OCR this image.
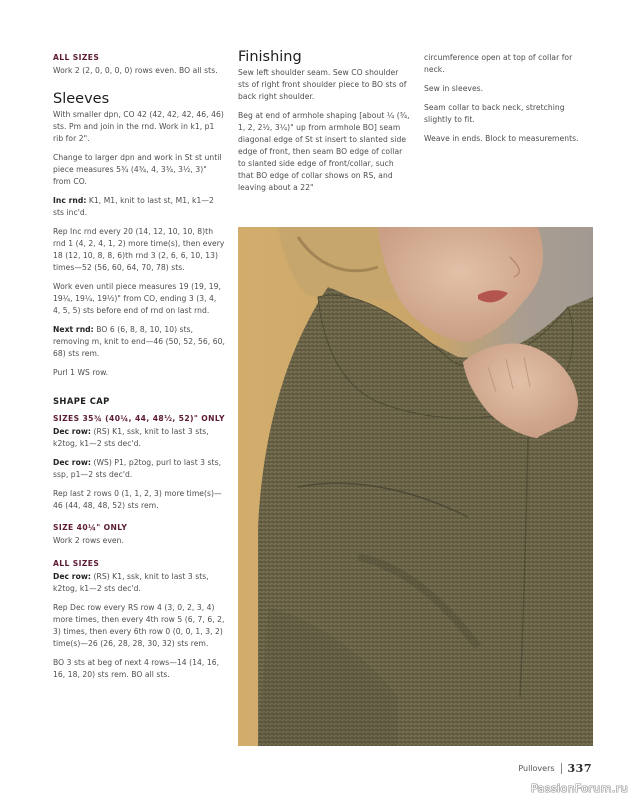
ALL SIZES

Work 2 (2, 0, 0, 0, 0) rows even. BO all sts.

Sleeves

With smaller dpn, CO 42 (42, 42, 42, 46, 46) sts. Pm and join in the rnd. Work in k1, p1 rib for 2".

Change to larger dpn and work in St st until piece measures 5¾ (4¾, 4, 3¾, 3½, 3)" from CO.

Inc rnd: K1, M1, knit to last st, M1, k1—2 sts inc'd.

Rep Inc rnd every 20 (14, 12, 10, 10, 8)th rnd 1 (4, 2, 4, 1, 2) more time(s), then every 18 (12, 10, 8, 8, 6)th rnd 3 (2, 6, 6, 10, 13) times—52 (56, 60, 64, 70, 78) sts.

Work even until piece measures 19 (19, 19, 19¼, 19¼, 19½)" from CO, ending 3 (3, 4, 4, 5, 5) sts before end of rnd on last rnd.

Next rnd: BO 6 (6, 8, 8, 10, 10) sts, removing m, knit to end—46 (50, 52, 56, 60, 68) sts rem.

Purl 1 WS row.

SHAPE CAP
SIZES 35¾ (40¼, 44, 48½, 52)" ONLY

Dec row: (RS) K1, ssk, knit to last 3 sts, k2tog, k1—2 sts dec'd.

Dec row: (WS) P1, p2tog, purl to last 3 sts, ssp, p1—2 sts dec'd.

Rep last 2 rows 0 (1, 1, 2, 3) more time(s)—46 (44, 48, 48, 52) sts rem.

SIZE 40¼" ONLY

Work 2 rows even.

ALL SIZES

Dec row: (RS) K1, ssk, knit to last 3 sts, k2tog, k1—2 sts dec'd.

Rep Dec row every RS row 4 (3, 0, 2, 3, 4) more times, then every 4th row 5 (6, 7, 6, 2, 3) times, then every 6th row 0 (0, 0, 1, 3, 2) time(s)—26 (26, 28, 28, 30, 32) sts rem.

BO 3 sts at beg of next 4 rows—14 (14, 16, 16, 18, 20) sts rem. BO all sts.

Finishing

Sew left shoulder seam. Sew CO shoulder sts of right front shoulder piece to BO sts of back right shoulder.

Beg at end of armhole shaping [about ¼ (¾, 1, 2, 2½, 3¼)" up from armhole BO] seam diagonal edge of St st insert to slanted side edge of front, then seam BO edge of collar to slanted side edge of front/collar, such that BO edge of collar shows on RS, and leaving about a 22"

circumference open at top of collar for neck.

Sew in sleeves.

Seam collar to back neck, stretching slightly to fit.

Weave in ends. Block to measurements.

Pullovers 337
PassionForum.ru
